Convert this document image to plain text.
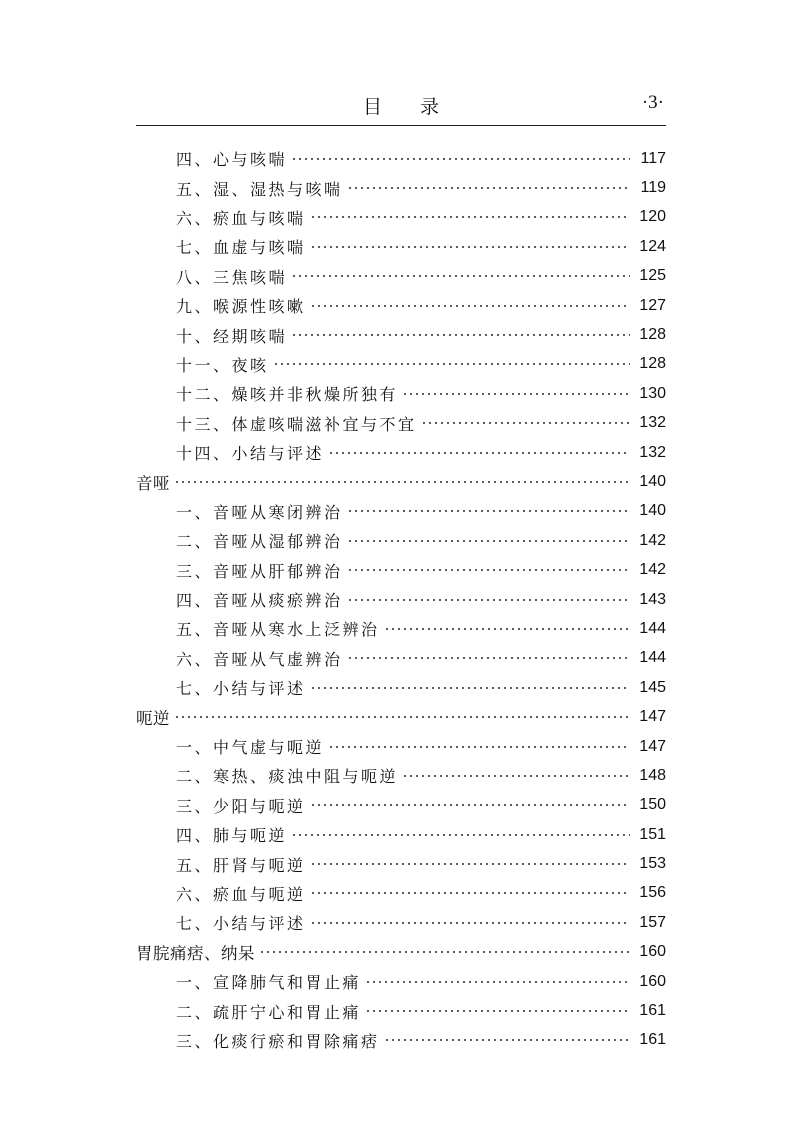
目 录	·3·
四、心与咳喘	117
五、湿、湿热与咳喘	119
六、瘀血与咳喘	120
七、血虚与咳喘	124
八、三焦咳喘	125
九、喉源性咳嗽	127
十、经期咳喘	128
十一、夜咳	128
十二、燥咳并非秋燥所独有	130
十三、体虚咳喘滋补宜与不宜	132
十四、小结与评述	132
音哑	140
一、音哑从寒闭辨治	140
二、音哑从湿郁辨治	142
三、音哑从肝郁辨治	142
四、音哑从痰瘀辨治	143
五、音哑从寒水上泛辨治	144
六、音哑从气虚辨治	144
七、小结与评述	145
呃逆	147
一、中气虚与呃逆	147
二、寒热、痰浊中阻与呃逆	148
三、少阳与呃逆	150
四、肺与呃逆	151
五、肝肾与呃逆	153
六、瘀血与呃逆	156
七、小结与评述	157
胃脘痛痞、纳呆	160
一、宣降肺气和胃止痛	160
二、疏肝宁心和胃止痛	161
三、化痰行瘀和胃除痛痞	161
